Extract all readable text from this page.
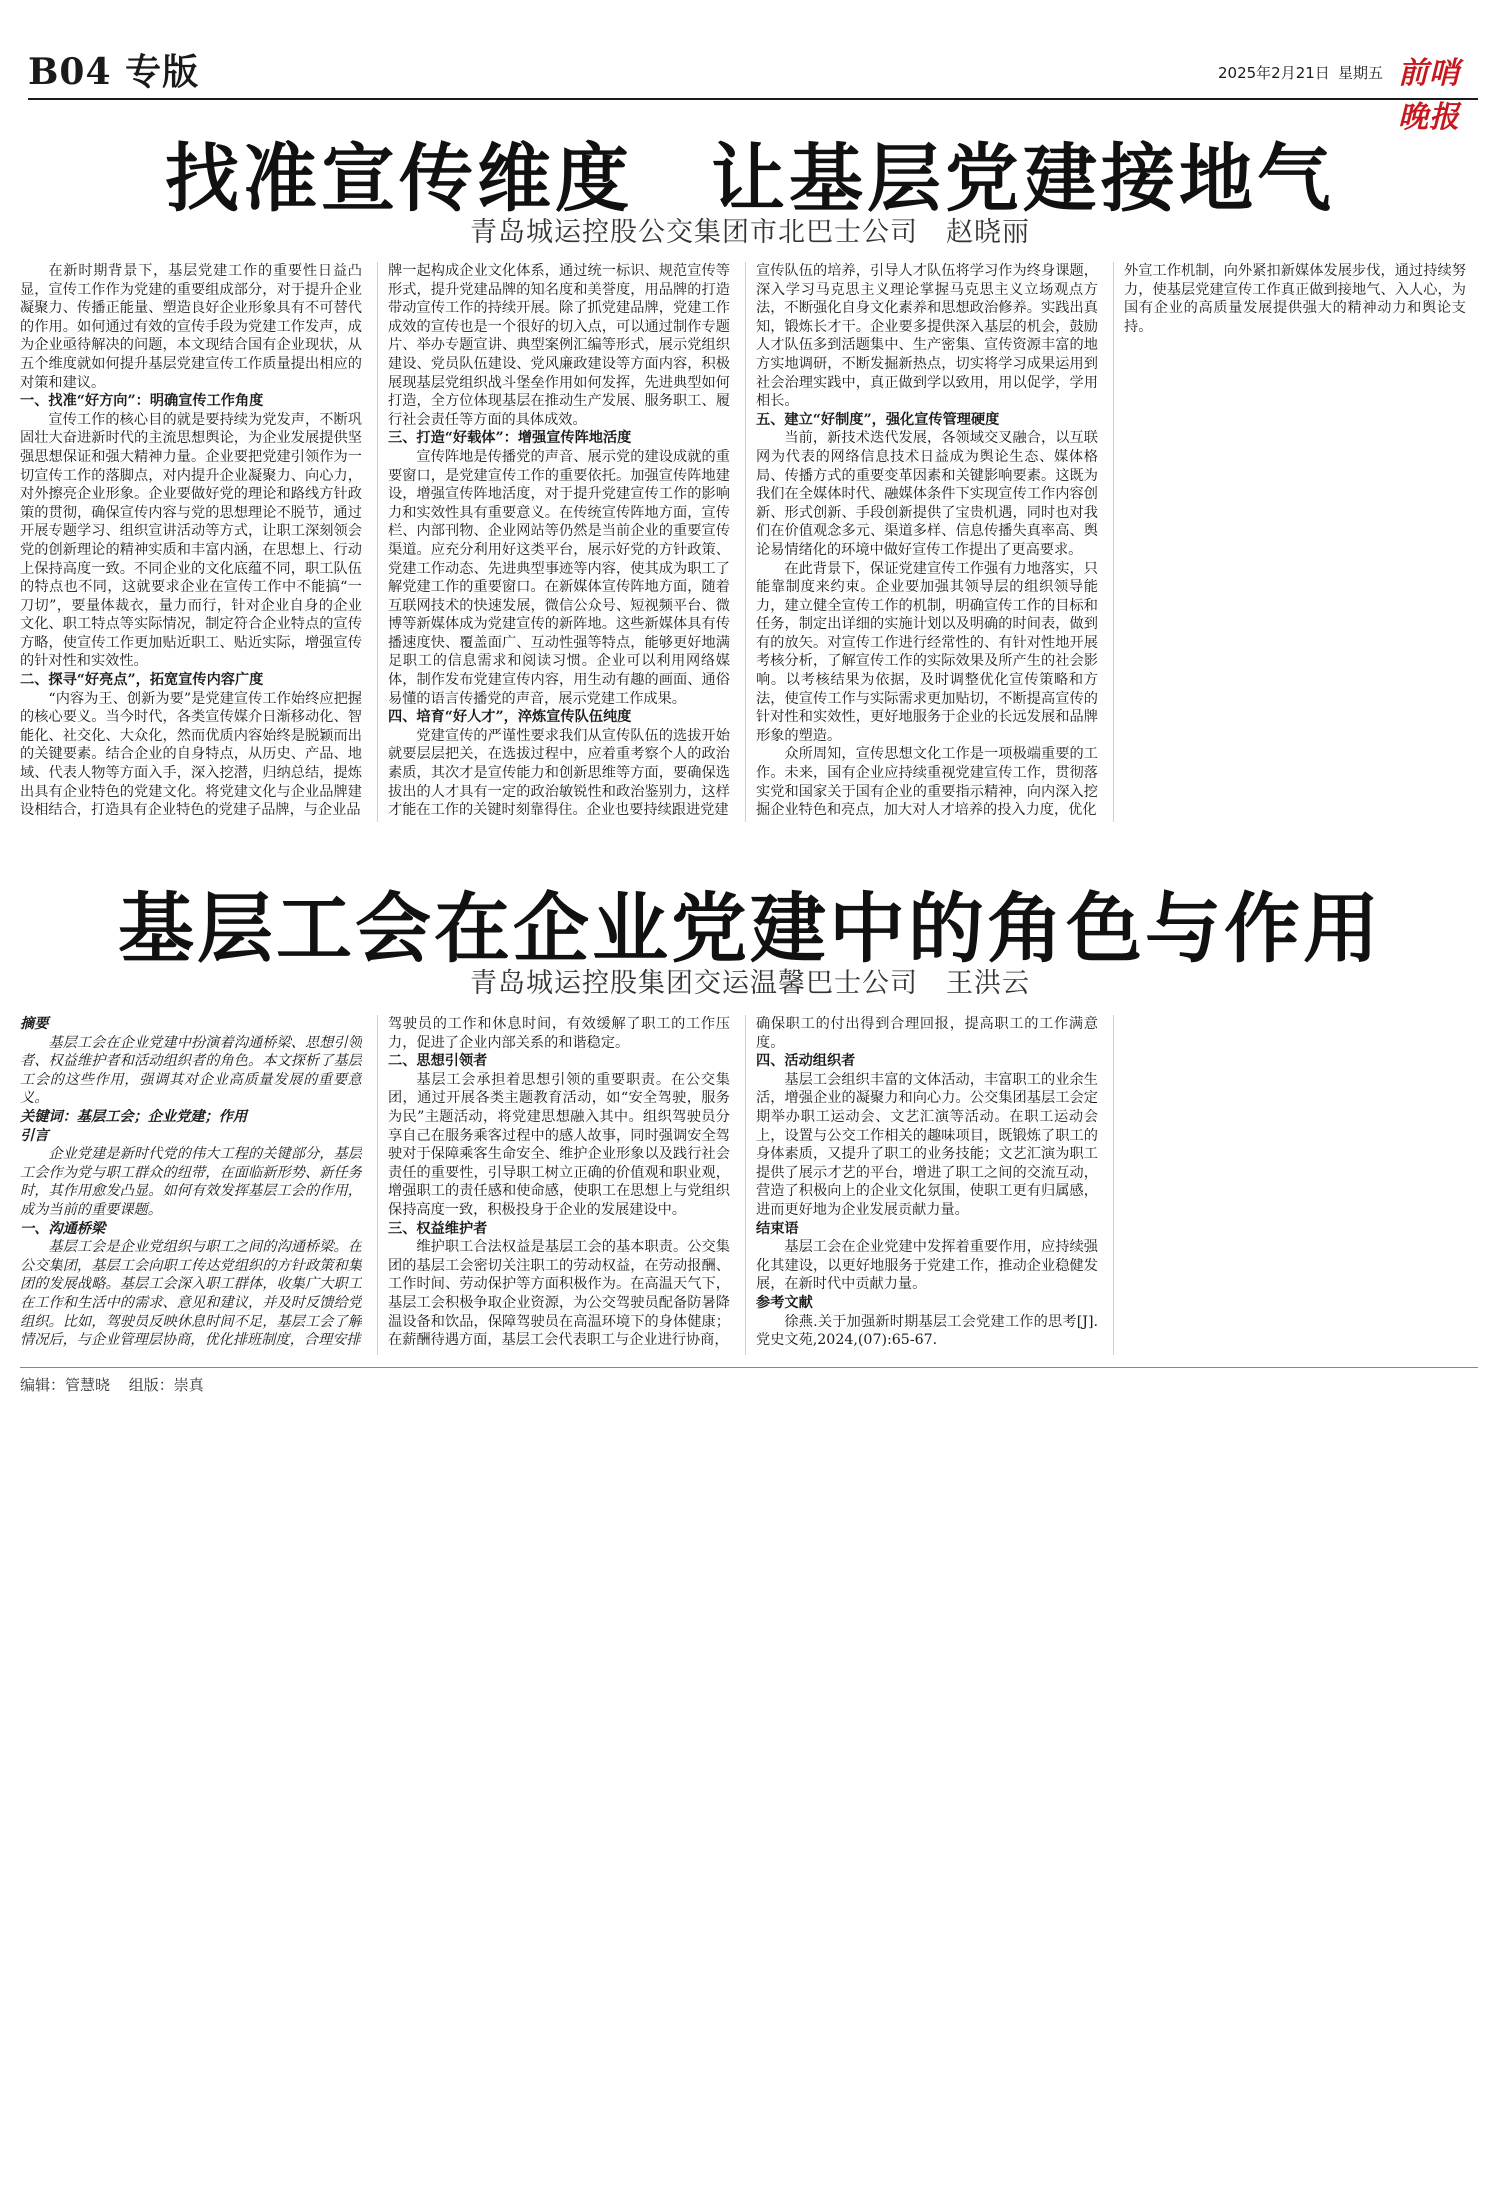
B04 专版	2025年2月21日 星期五 前哨晚报
找准宣传维度　让基层党建接地气
青岛城运控股公交集团市北巴士公司　赵晓丽

在新时期背景下，基层党建工作的重要性日益凸显，宣传工作作为党建的重要组成部分，对于提升企业凝聚力、传播正能量、塑造良好企业形象具有不可替代的作用。如何通过有效的宣传手段为党建工作发声，成为企业亟待解决的问题，本文现结合国有企业现状，从五个维度就如何提升基层党建宣传工作质量提出相应的对策和建议。

一、找准“好方向”：明确宣传工作角度

宣传工作的核心目的就是要持续为党发声，不断巩固壮大奋进新时代的主流思想舆论，为企业发展提供坚强思想保证和强大精神力量。企业要把党建引领作为一切宣传工作的落脚点，对内提升企业凝聚力、向心力，对外擦亮企业形象。企业要做好党的理论和路线方针政策的贯彻，确保宣传内容与党的思想理论不脱节，通过开展专题学习、组织宣讲活动等方式，让职工深刻领会党的创新理论的精神实质和丰富内涵，在思想上、行动上保持高度一致。不同企业的文化底蕴不同，职工队伍的特点也不同，这就要求企业在宣传工作中不能搞“一刀切”，要量体裁衣，量力而行，针对企业自身的企业文化、职工特点等实际情况，制定符合企业特点的宣传方略，使宣传工作更加贴近职工、贴近实际，增强宣传的针对性和实效性。

二、探寻“好亮点”，拓宽宣传内容广度

“内容为王、创新为要”是党建宣传工作始终应把握的核心要义。当今时代，各类宣传媒介日渐移动化、智能化、社交化、大众化，然而优质内容始终是脱颖而出的关键要素。结合企业的自身特点，从历史、产品、地域、代表人物等方面入手，深入挖潜，归纳总结，提炼出具有企业特色的党建文化。将党建文化与企业品牌建设相结合，打造具有企业特色的党建子品牌，与企业品

牌一起构成企业文化体系，通过统一标识、规范宣传等形式，提升党建品牌的知名度和美誉度，用品牌的打造带动宣传工作的持续开展。除了抓党建品牌，党建工作成效的宣传也是一个很好的切入点，可以通过制作专题片、举办专题宣讲、典型案例汇编等形式，展示党组织建设、党员队伍建设、党风廉政建设等方面内容，积极展现基层党组织战斗堡垒作用如何发挥，先进典型如何打造，全方位体现基层在推动生产发展、服务职工、履行社会责任等方面的具体成效。

三、打造“好载体”：增强宣传阵地活度

宣传阵地是传播党的声音、展示党的建设成就的重要窗口，是党建宣传工作的重要依托。加强宣传阵地建设，增强宣传阵地活度，对于提升党建宣传工作的影响力和实效性具有重要意义。在传统宣传阵地方面，宣传栏、内部刊物、企业网站等仍然是当前企业的重要宣传渠道。应充分利用好这类平台，展示好党的方针政策、党建工作动态、先进典型事迹等内容，使其成为职工了解党建工作的重要窗口。在新媒体宣传阵地方面，随着互联网技术的快速发展，微信公众号、短视频平台、微博等新媒体成为党建宣传的新阵地。这些新媒体具有传播速度快、覆盖面广、互动性强等特点，能够更好地满足职工的信息需求和阅读习惯。企业可以利用网络媒体，制作发布党建宣传内容，用生动有趣的画面、通俗易懂的语言传播党的声音，展示党建工作成果。

四、培育“好人才”，淬炼宣传队伍纯度

党建宣传的严谨性要求我们从宣传队伍的选拔开始就要层层把关，在选拔过程中，应着重考察个人的政治素质，其次才是宣传能力和创新思维等方面，要确保选拔出的人才具有一定的政治敏锐性和政治鉴别力，这样才能在工作的关键时刻靠得住。企业也要持续跟进党建

宣传队伍的培养，引导人才队伍将学习作为终身课题，深入学习马克思主义理论掌握马克思主义立场观点方法，不断强化自身文化素养和思想政治修养。实践出真知，锻炼长才干。企业要多提供深入基层的机会，鼓励人才队伍多到活题集中、生产密集、宣传资源丰富的地方实地调研，不断发掘新热点，切实将学习成果运用到社会治理实践中，真正做到学以致用，用以促学，学用相长。

五、建立“好制度”，强化宣传管理硬度

当前，新技术迭代发展，各领域交叉融合，以互联网为代表的网络信息技术日益成为舆论生态、媒体格局、传播方式的重要变革因素和关键影响要素。这既为我们在全媒体时代、融媒体条件下实现宣传工作内容创新、形式创新、手段创新提供了宝贵机遇，同时也对我们在价值观念多元、渠道多样、信息传播失真率高、舆论易情绪化的环境中做好宣传工作提出了更高要求。

在此背景下，保证党建宣传工作强有力地落实，只能靠制度来约束。企业要加强其领导层的组织领导能力，建立健全宣传工作的机制，明确宣传工作的目标和任务，制定出详细的实施计划以及明确的时间表，做到有的放矢。对宣传工作进行经常性的、有针对性地开展考核分析，了解宣传工作的实际效果及所产生的社会影响。以考核结果为依据，及时调整优化宣传策略和方法，使宣传工作与实际需求更加贴切，不断提高宣传的针对性和实效性，更好地服务于企业的长远发展和品牌形象的塑造。

众所周知，宣传思想文化工作是一项极端重要的工作。未来，国有企业应持续重视党建宣传工作，贯彻落实党和国家关于国有企业的重要指示精神，向内深入挖掘企业特色和亮点，加大对人才培养的投入力度，优化

外宣工作机制，向外紧扣新媒体发展步伐，通过持续努力，使基层党建宣传工作真正做到接地气、入人心，为国有企业的高质量发展提供强大的精神动力和舆论支持。

基层工会在企业党建中的角色与作用
青岛城运控股集团交运温馨巴士公司　王洪云

摘要

基层工会在企业党建中扮演着沟通桥梁、思想引领者、权益维护者和活动组织者的角色。本文探析了基层工会的这些作用，强调其对企业高质量发展的重要意义。

关键词：基层工会；企业党建；作用

引言

企业党建是新时代党的伟大工程的关键部分，基层工会作为党与职工群众的纽带，在面临新形势、新任务时，其作用愈发凸显。如何有效发挥基层工会的作用，成为当前的重要课题。

一、沟通桥梁

基层工会是企业党组织与职工之间的沟通桥梁。在公交集团，基层工会向职工传达党组织的方针政策和集团的发展战略。基层工会深入职工群体，收集广大职工在工作和生活中的需求、意见和建议，并及时反馈给党组织。比如，驾驶员反映休息时间不足，基层工会了解情况后，与企业管理层协商，优化排班制度，合理安排

驾驶员的工作和休息时间，有效缓解了职工的工作压力，促进了企业内部关系的和谐稳定。

二、思想引领者

基层工会承担着思想引领的重要职责。在公交集团，通过开展各类主题教育活动，如“安全驾驶，服务为民”主题活动，将党建思想融入其中。组织驾驶员分享自己在服务乘客过程中的感人故事，同时强调安全驾驶对于保障乘客生命安全、维护企业形象以及践行社会责任的重要性，引导职工树立正确的价值观和职业观，增强职工的责任感和使命感，使职工在思想上与党组织保持高度一致，积极投身于企业的发展建设中。

三、权益维护者

维护职工合法权益是基层工会的基本职责。公交集团的基层工会密切关注职工的劳动权益，在劳动报酬、工作时间、劳动保护等方面积极作为。在高温天气下，基层工会积极争取企业资源，为公交驾驶员配备防暑降温设备和饮品，保障驾驶员在高温环境下的身体健康；在薪酬待遇方面，基层工会代表职工与企业进行协商，

确保职工的付出得到合理回报，提高职工的工作满意度。

四、活动组织者

基层工会组织丰富的文体活动，丰富职工的业余生活，增强企业的凝聚力和向心力。公交集团基层工会定期举办职工运动会、文艺汇演等活动。在职工运动会上，设置与公交工作相关的趣味项目，既锻炼了职工的身体素质，又提升了职工的业务技能；文艺汇演为职工提供了展示才艺的平台，增进了职工之间的交流互动，营造了积极向上的企业文化氛围，使职工更有归属感，进而更好地为企业发展贡献力量。

结束语

基层工会在企业党建中发挥着重要作用，应持续强化其建设，以更好地服务于党建工作，推动企业稳健发展，在新时代中贡献力量。

参考文献

徐燕.关于加强新时期基层工会党建工作的思考[J].党史文苑,2024,(07):65-67.

编辑：管慧晓 组版：崇真
